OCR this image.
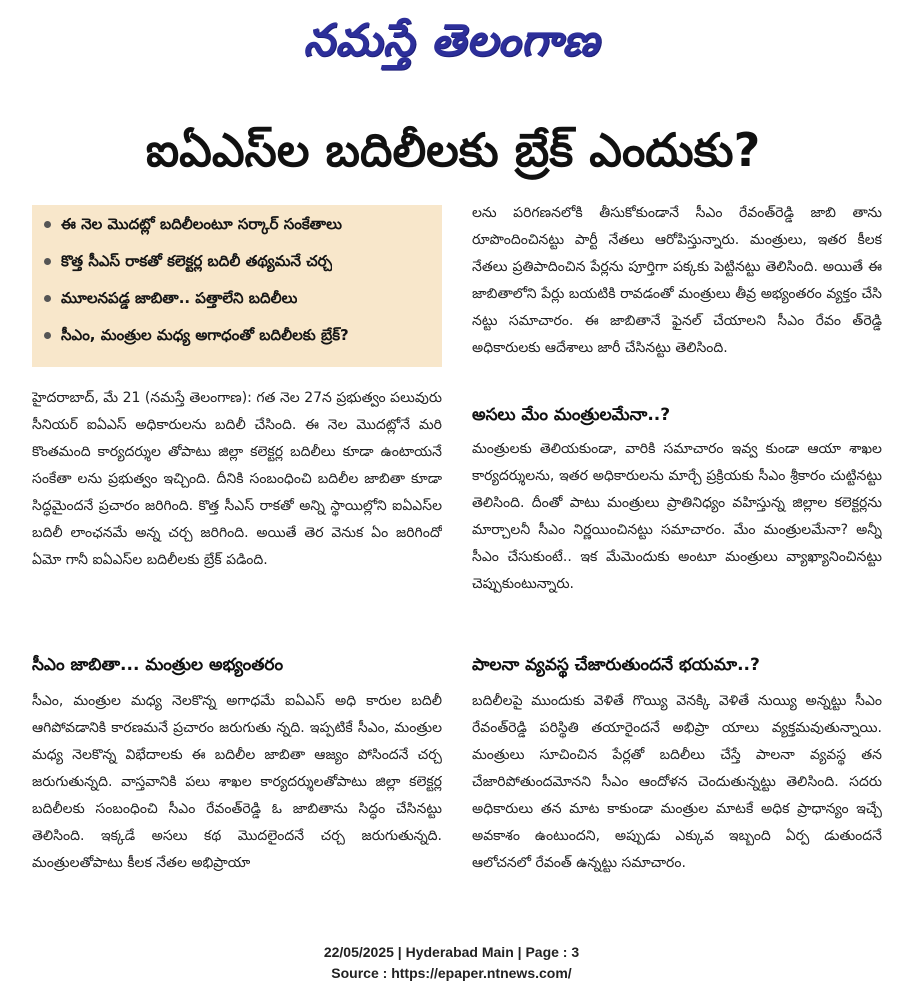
నమస్తే తెలంగాణ
ఐఏఎస్‌ల బదిలీలకు బ్రేక్‌ ఎందుకు?
ఈ నెల మొదట్లో బదిలీలంటూ సర్కార్‌ సంకేతాలు
కొత్త సీఎస్‌ రాకతో కలెక్టర్ల బదిలీ తథ్యమనే చర్చ
మూలనపడ్డ జాబితా.. పత్తాలేని బదిలీలు
సీఎం, మంత్రుల మధ్య అగాధంతో బదిలీలకు బ్రేక్‌?
హైదరాబాద్‌, మే 21 (నమస్తే తెలంగాణ): గత నెల 27న ప్రభుత్వం పలువురు సీనియర్‌ ఐఏఎస్‌ అధికారులను బదిలీ చేసింది. ఈ నెల మొదట్లోనే మరి కొంతమంది కార్యదర్శుల తోపాటు జిల్లా కలెక్టర్ల బదిలీలు కూడా ఉంటాయనే సంకేతా లను ప్రభుత్వం ఇచ్చింది. దీనికి సంబంధించి బదిలీల జాబితా కూడా సిద్ధమైందనే ప్రచారం జరిగింది. కొత్త సీఎస్‌ రాకతో అన్ని స్థాయిల్లోని ఐఏఎస్‌ల బదిలీ లాంఛనమే అన్న చర్చ జరిగింది. అయితే తెర వెనుక ఏం జరిగిందో ఏమో గానీ ఐఏఎస్‌ల బదిలీలకు బ్రేక్‌ పడింది.
సీఎం జాబితా... మంత్రుల అభ్యంతరం
సీఎం, మంత్రుల మధ్య నెలకొన్న అగాధమే ఐఏఎస్‌ అధి కారుల బదిలీ ఆగిపోవడానికి కారణమనే ప్రచారం జరుగుతు న్నది. ఇప్పటికే సీఎం, మంత్రుల మధ్య నెలకొన్న విభేదాలకు ఈ బదిలీల జాబితా ఆజ్యం పోసిందనే చర్చ జరుగుతున్నది. వాస్తవానికి పలు శాఖల కార్యదర్శులతోపాటు జిల్లా కలెక్టర్ల బదిలీలకు సంబంధించి సీఎం రేవంత్‌రెడ్డి ఓ జాబితాను సిద్ధం చేసినట్టు తెలిసింది. ఇక్కడే అసలు కథ మొదలైందనే చర్చ జరుగుతున్నది. మంత్రులతోపాటు కీలక నేతల అభిప్రాయా
లను పరిగణనలోకి తీసుకోకుండానే సీఎం రేవంత్‌రెడ్డి జాబి తాను రూపొందించినట్టు పార్టీ నేతలు ఆరోపిస్తున్నారు. మంత్రులు, ఇతర కీలక నేతలు ప్రతిపాదించిన పేర్లను పూర్తిగా పక్కకు పెట్టినట్టు తెలిసింది. అయితే ఈ జాబితాలోని పేర్లు బయటికి రావడంతో మంత్రులు తీవ్ర అభ్యంతరం వ్యక్తం చేసి నట్టు సమాచారం. ఈ జాబితానే ఫైనల్‌ చేయాలని సీఎం రేవం త్‌రెడ్డి అధికారులకు ఆదేశాలు జారీ చేసినట్టు తెలిసింది.
అసలు మేం మంత్రులమేనా..?
మంత్రులకు తెలియకుండా, వారికి సమాచారం ఇవ్వ కుండా ఆయా శాఖల కార్యదర్శులను, ఇతర అధికారులను మార్చే ప్రక్రియకు సీఎం శ్రీకారం చుట్టినట్టు తెలిసింది. దీంతో పాటు మంత్రులు ప్రాతినిధ్యం వహిస్తున్న జిల్లాల కలెక్టర్లను మార్చాలనీ సీఎం నిర్ణయించినట్టు సమాచారం. మేం మంత్రులమేనా? అన్నీ సీఎం చేసుకుంటే.. ఇక మేమెందుకు అంటూ మంత్రులు వ్యాఖ్యానించినట్టు చెప్పుకుంటున్నారు.
పాలనా వ్యవస్థ చేజారుతుందనే భయమా..?
బదిలీలపై ముందుకు వెళితే గొయ్యి వెనక్కి వెళితే నుయ్యి అన్నట్టు సీఎం రేవంత్‌రెడ్డి పరిస్థితి తయారైందనే అభిప్రా యాలు వ్యక్తమవుతున్నాయి. మంత్రులు సూచించిన పేర్లతో బదిలీలు చేస్తే పాలనా వ్యవస్థ తన చేజారిపోతుందమోనని సీఎం ఆందోళన చెందుతున్నట్టు తెలిసింది. సదరు అధికారులు తన మాట కాకుండా మంత్రుల మాటకే అధిక ప్రాధాన్యం ఇచ్చే అవకాశం ఉంటుందని, అప్పుడు ఎక్కువ ఇబ్బంది ఏర్ప డుతుందనే ఆలోచనలో రేవంత్‌ ఉన్నట్టు సమాచారం.
22/05/2025 | Hyderabad Main | Page : 3
Source : https://epaper.ntnews.com/
